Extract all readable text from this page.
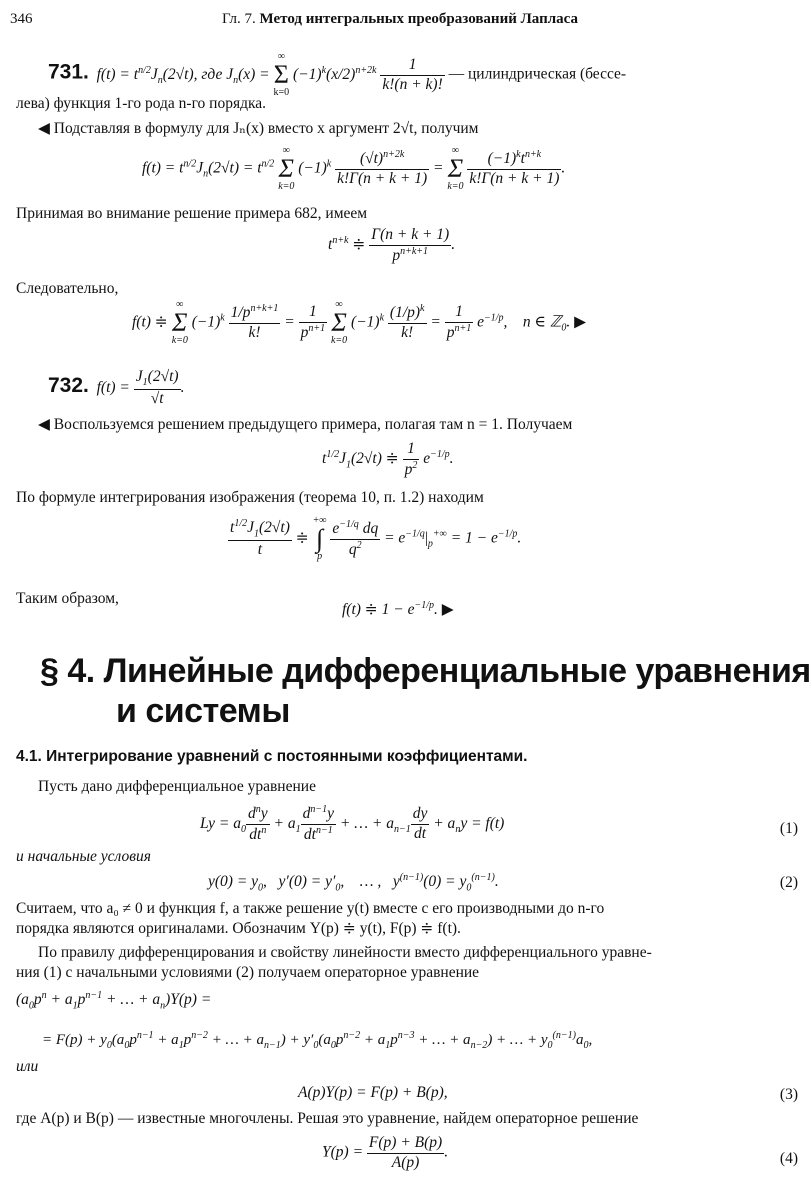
346	Гл. 7. Метод интегральных преобразований Лапласа
731.  $f(t) = t^{n/2}J_n(2√t)$, где $J_n(x)$ =
∞
Σ
k=0
$(-1)^k(x/2)^{n+2k} \frac{1}{k!(n + k)!}$ — цилиндрическая (бессе-
лева) функция 1-го рода n-го порядка.
◀ Подставляя в формулу для Jₙ(x) вместо x аргумент 2√t, получим
$f(t) = t^{n/2}J_n(2√t) = t^{n/2}$
∞
Σ
k=0
$(-1)^k \frac{(√t)^{n+2k}}{k!\Gamma(n + k + 1)}$ =
∞
Σ
k=0
$\frac{(-1)^kt^{n+k}}{k!\Gamma(n + k + 1)}$ .
Принимая во внимание решение примера 682, имеем
$t^{n+k}$ ≑ $\frac{\Gamma(n + k + 1)}{p^{n+k+1}}$ .
Следовательно,
f(t) ≑
∞
Σ
k=0
$(-1)^k \frac{1/p^{n+k+1}}{k!} = \frac{1}{p^{n+1}}$
∞
Σ
k=0
$(-1)^k \frac{(1/p)^k}{k!} = \frac{1}{p^{n+1}} e^{-1/p}$,    n ∈ ℤ$_0$. ▶
732.  $f(t) = \frac{J_1(2√t)}{√t}$ .
◀ Воспользуемся решением предыдущего примера, полагая там n = 1. Получаем
$t^{1/2}J_1(2√t)$ ≑ $\frac{1}{p^2} e^{-1/p}$.
По формуле интегрирования изображения (теорема 10, п. 1.2) находим
$\frac{t^{1/2}J_1(2√t)}{t}$ ≑
+∞
∫
p
$\frac{e^{-1/q} dq}{q^2} = e^{-1/q}|_p^{+\infty} = 1 - e^{-1/p}$.
Таким образом,
f(t) ≑ $1 - e^{-1/p}$. ▶
§ 4. Линейные дифференциальные уравнения
и системы
4.1. Интегрирование уравнений с постоянными коэффициентами.
Пусть дано дифференциальное уравнение
$Ly = a_0 \frac{d^ny}{dt^n} + a_1 \frac{d^{n-1}y}{dt^{n-1}}$ + … + $a_{n-1} \frac{dy}{dt} + a_ny = f(t)$	(1)
и начальные условия
$y(0) = y_0$,   $y'(0) = y'_0$,    … ,   $y^{(n-1)}(0) = y_0^{(n-1)}$.	(2)
Считаем, что a₀ ≠ 0 и функция f, а также решение y(t) вместе с его производными до n-го
порядка являются оригиналами. Обозначим Y(p) ≑ y(t), F(p) ≑ f(t).
По правилу дифференцирования и свойству линейности вместо дифференциального уравне-
ния (1) с начальными условиями (2) получаем операторное уравнение
($a_0p^n + a_1p^{n-1}$ + … + $a_n)Y(p)$ =
= $F(p) + y_0(a_0p^{n-1} + a_1p^{n-2}$ + … + $a_{n-1}) + y'_0(a_0p^{n-2} + a_1p^{n-3}$ + … + $a_{n-2}$) + … + $y_0^{(n-1)}a_0$,
или
A(p)Y(p) = F(p) + B(p),	(3)
где A(p) и B(p) — известные многочлены. Решая это уравнение, найдем операторное решение
$Y(p) = \frac{F(p) + B(p)}{A(p)}$ .	(4)
